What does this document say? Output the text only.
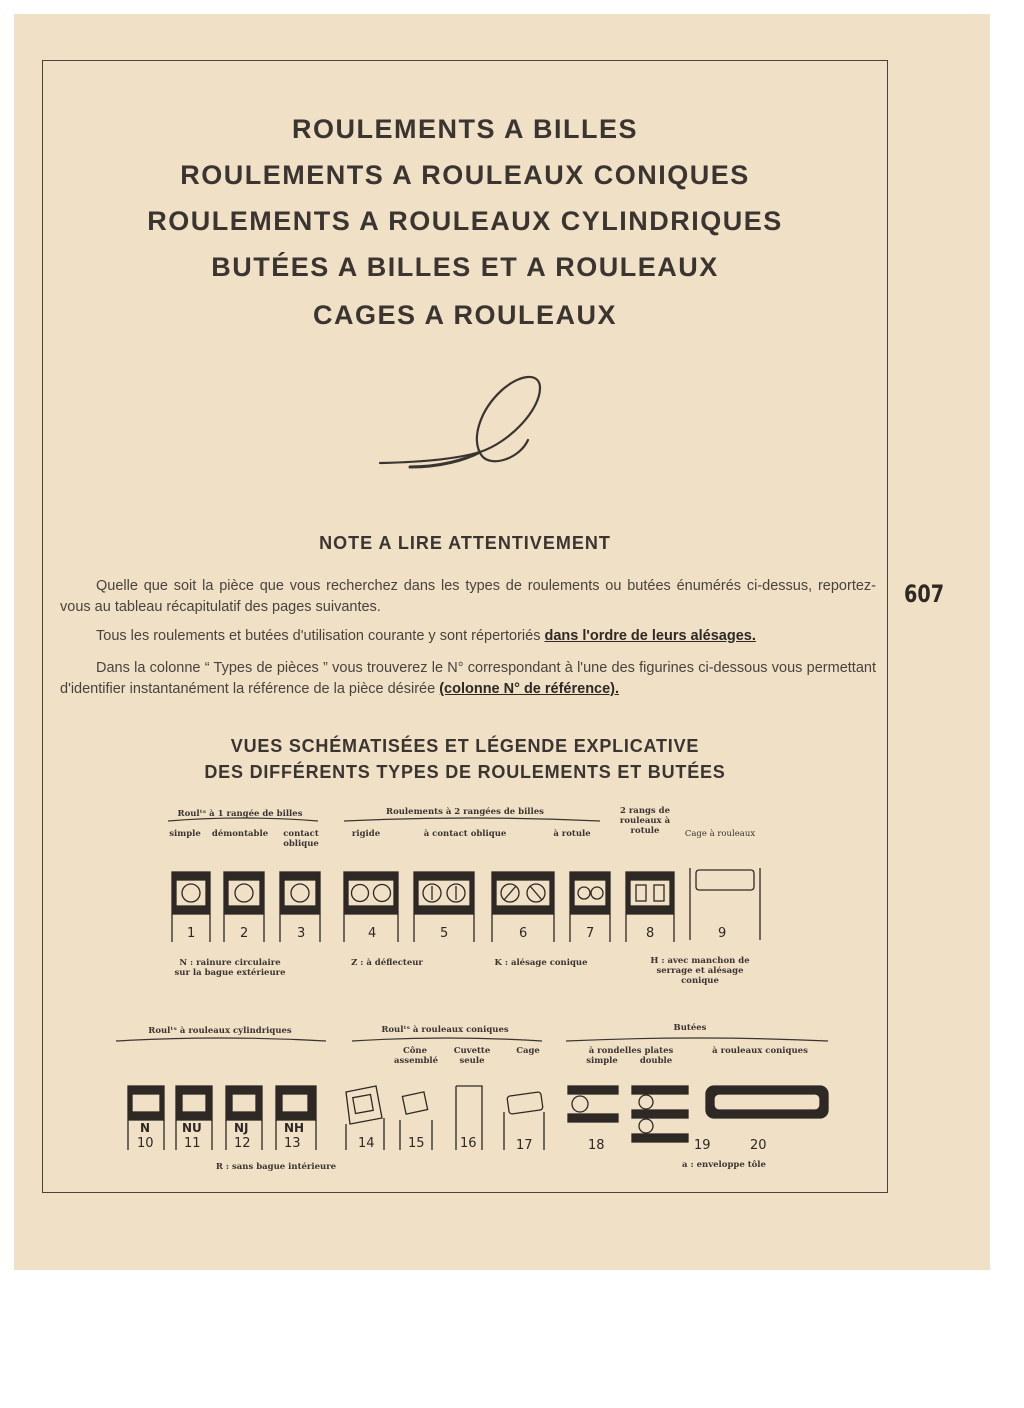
ROULEMENTS A BILLES
ROULEMENTS A ROULEAUX CONIQUES
ROULEMENTS A ROULEAUX CYLINDRIQUES
BUTÉES A BILLES ET A ROULEAUX
CAGES A ROULEAUX
NOTE A LIRE ATTENTIVEMENT
Quelle que soit la pièce que vous recherchez dans les types de roulements ou butées énumérés ci-dessus, reportez-vous au tableau récapitulatif des pages suivantes.
Tous les roulements et butées d'utilisation courante y sont répertoriés dans l'ordre de leurs alésages.
Dans la colonne “ Types de pièces ” vous trouverez le N° correspondant à l'une des figurines ci-dessous vous permettant d'identifier instantanément la référence de la pièce désirée (colonne N° de référence).
607
VUES SCHÉMATISÉES ET LÉGENDE EXPLICATIVE
DES DIFFÉRENTS TYPES DE ROULEMENTS ET BUTÉES
Roulᵗˢ à 1 rangée de billes
simple démontable	contact oblique
Roulements à 2 rangées de billes
rigide	à contact oblique	à rotule
2 rangs de rouleaux à rotule	Cage à rouleaux
1	2	3	4	5	6	7	8	9
N : rainure circulaire sur la bague extérieure
Z : à déflecteur	K : alésage conique	H : avec manchon de serrage et alésage conique
Roulᵗˢ à rouleaux cylindriques	Roulᵗˢ à rouleaux coniques
Cône assemblé
Cuvette seule
Cage
Butées
à rondelles plates
simple	double
à rouleaux coniques
N	NU	NJ	NH
10 11	12	13	14	15	16	17	18	19	20
R : sans bague intérieure	a : enveloppe tôle
